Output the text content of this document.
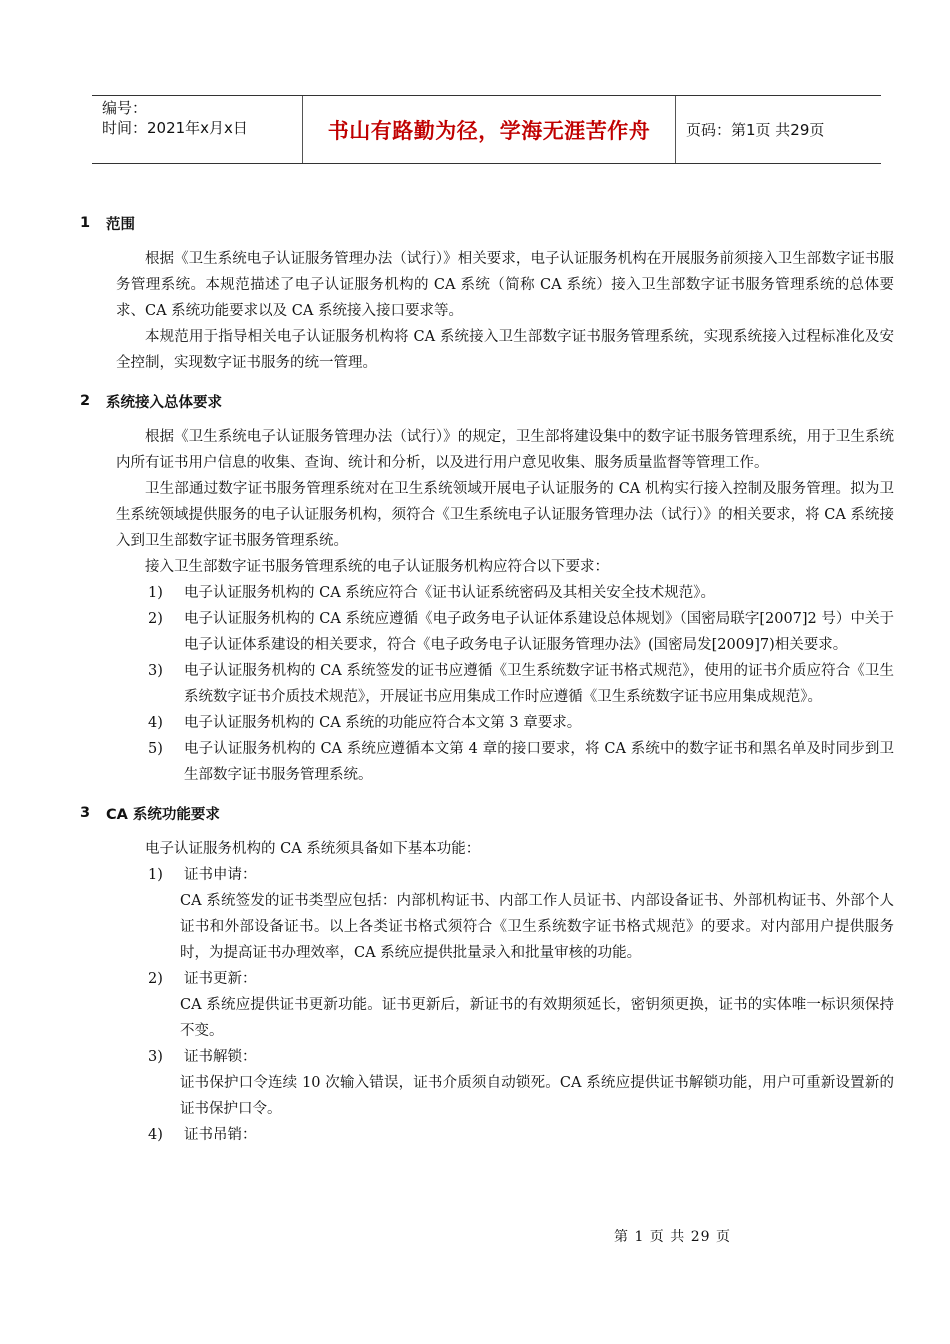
编号：
时间：2021年x月x日	书山有路勤为径，学海无涯苦作舟	页码：第1页 共29页
1	范围
根据《卫生系统电子认证服务管理办法（试行）》相关要求，电子认证服务机构在开展服务前须接入卫生部数字证书服务管理系统。本规范描述了电子认证服务机构的 CA 系统（简称 CA 系统）接入卫生部数字证书服务管理系统的总体要求、CA 系统功能要求以及 CA 系统接入接口要求等。
本规范用于指导相关电子认证服务机构将 CA 系统接入卫生部数字证书服务管理系统，实现系统接入过程标准化及安全控制，实现数字证书服务的统一管理。
2	系统接入总体要求
根据《卫生系统电子认证服务管理办法（试行）》的规定，卫生部将建设集中的数字证书服务管理系统，用于卫生系统内所有证书用户信息的收集、查询、统计和分析，以及进行用户意见收集、服务质量监督等管理工作。
卫生部通过数字证书服务管理系统对在卫生系统领域开展电子认证服务的 CA 机构实行接入控制及服务管理。拟为卫生系统领域提供服务的电子认证服务机构，须符合《卫生系统电子认证服务管理办法（试行）》的相关要求，将 CA 系统接入到卫生部数字证书服务管理系统。
接入卫生部数字证书服务管理系统的电子认证服务机构应符合以下要求：
1)	电子认证服务机构的 CA 系统应符合《证书认证系统密码及其相关安全技术规范》。
2)	电子认证服务机构的 CA 系统应遵循《电子政务电子认证体系建设总体规划》（国密局联字[2007]2 号）中关于电子认证体系建设的相关要求，符合《电子政务电子认证服务管理办法》(国密局发[2009]7)相关要求。
3)	电子认证服务机构的 CA 系统签发的证书应遵循《卫生系统数字证书格式规范》，使用的证书介质应符合《卫生系统数字证书介质技术规范》，开展证书应用集成工作时应遵循《卫生系统数字证书应用集成规范》。
4)	电子认证服务机构的 CA 系统的功能应符合本文第 3 章要求。
5)	电子认证服务机构的 CA 系统应遵循本文第 4 章的接口要求，将 CA 系统中的数字证书和黑名单及时同步到卫生部数字证书服务管理系统。
3	CA 系统功能要求
电子认证服务机构的 CA 系统须具备如下基本功能：
1)	证书申请：
CA 系统签发的证书类型应包括：内部机构证书、内部工作人员证书、内部设备证书、外部机构证书、外部个人证书和外部设备证书。以上各类证书格式须符合《卫生系统数字证书格式规范》的要求。对内部用户提供服务时，为提高证书办理效率，CA 系统应提供批量录入和批量审核的功能。
2)	证书更新：
CA 系统应提供证书更新功能。证书更新后，新证书的有效期须延长，密钥须更换，证书的实体唯一标识须保持不变。
3)	证书解锁：
证书保护口令连续 10 次输入错误，证书介质须自动锁死。CA 系统应提供证书解锁功能，用户可重新设置新的证书保护口令。
4)	证书吊销：
第 1 页 共 29 页
